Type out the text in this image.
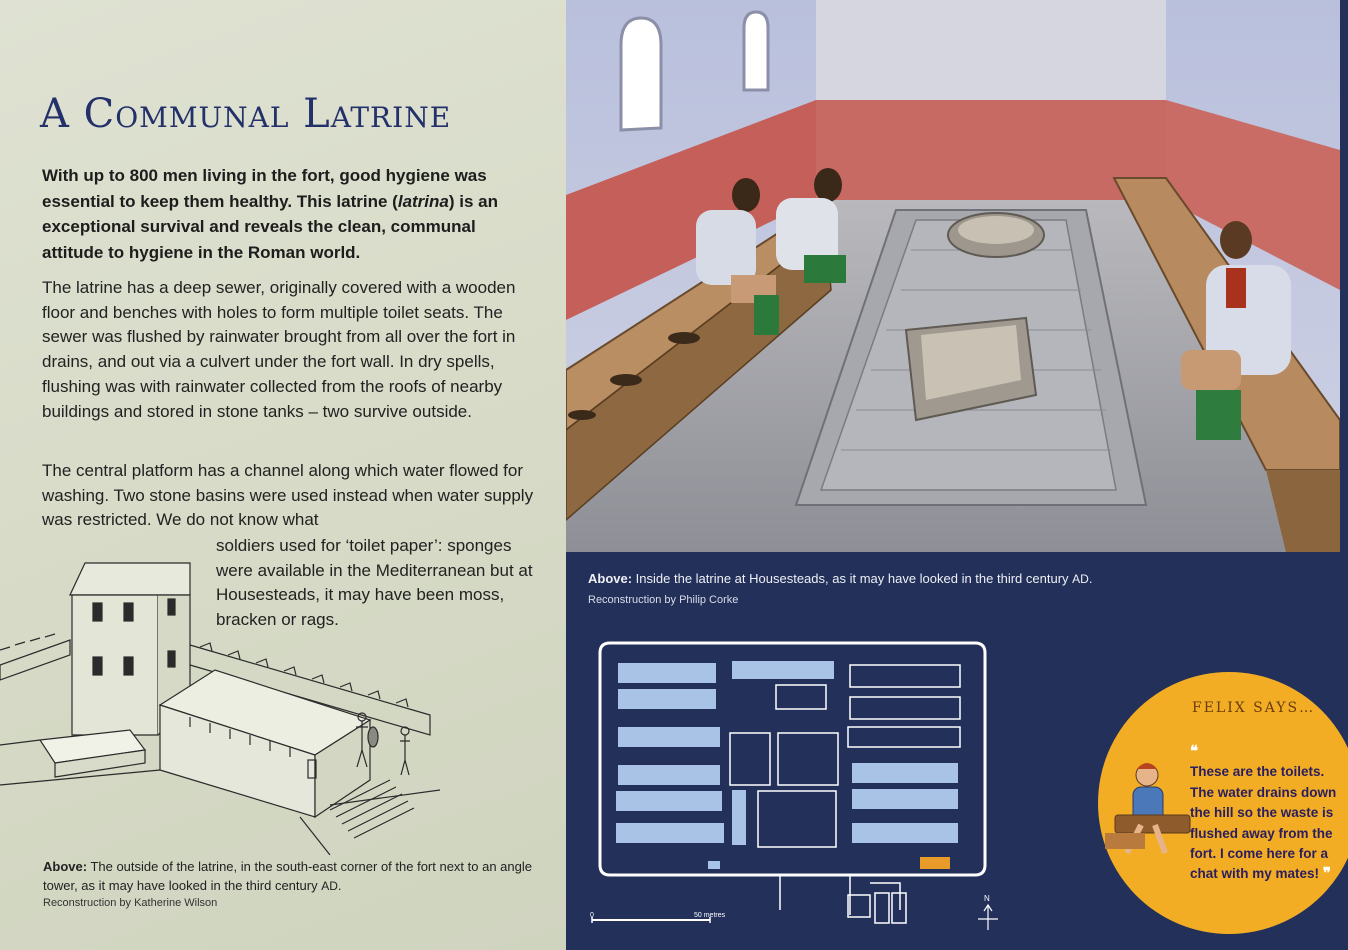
A Communal Latrine
With up to 800 men living in the fort, good hygiene was essential to keep them healthy. This latrine (latrina) is an exceptional survival and reveals the clean, communal attitude to hygiene in the Roman world.
The latrine has a deep sewer, originally covered with a wooden floor and benches with holes to form multiple toilet seats. The sewer was flushed by rainwater brought from all over the fort in drains, and out via a culvert under the fort wall. In dry spells, flushing was with rainwater collected from the roofs of nearby buildings and stored in stone tanks – two survive outside.
The central platform has a channel along which water flowed for washing. Two stone basins were used instead when water supply was restricted. We do not know what
soldiers used for ‘toilet paper’: sponges were available in the Mediterranean but at Housesteads, it may have been moss, bracken or rags.
Above: The outside of the latrine, in the south-east corner of the fort next to an angle tower, as it may have looked in the third century AD.
Reconstruction by Katherine Wilson
Above: Inside the latrine at Housesteads, as it may have looked in the third century AD.
Reconstruction by Philip Corke
0	50 metres
N
FELIX SAYS…
❝
These are the toilets. The water drains down the hill so the waste is flushed away from the fort. I come here for a chat with my mates! ❞
